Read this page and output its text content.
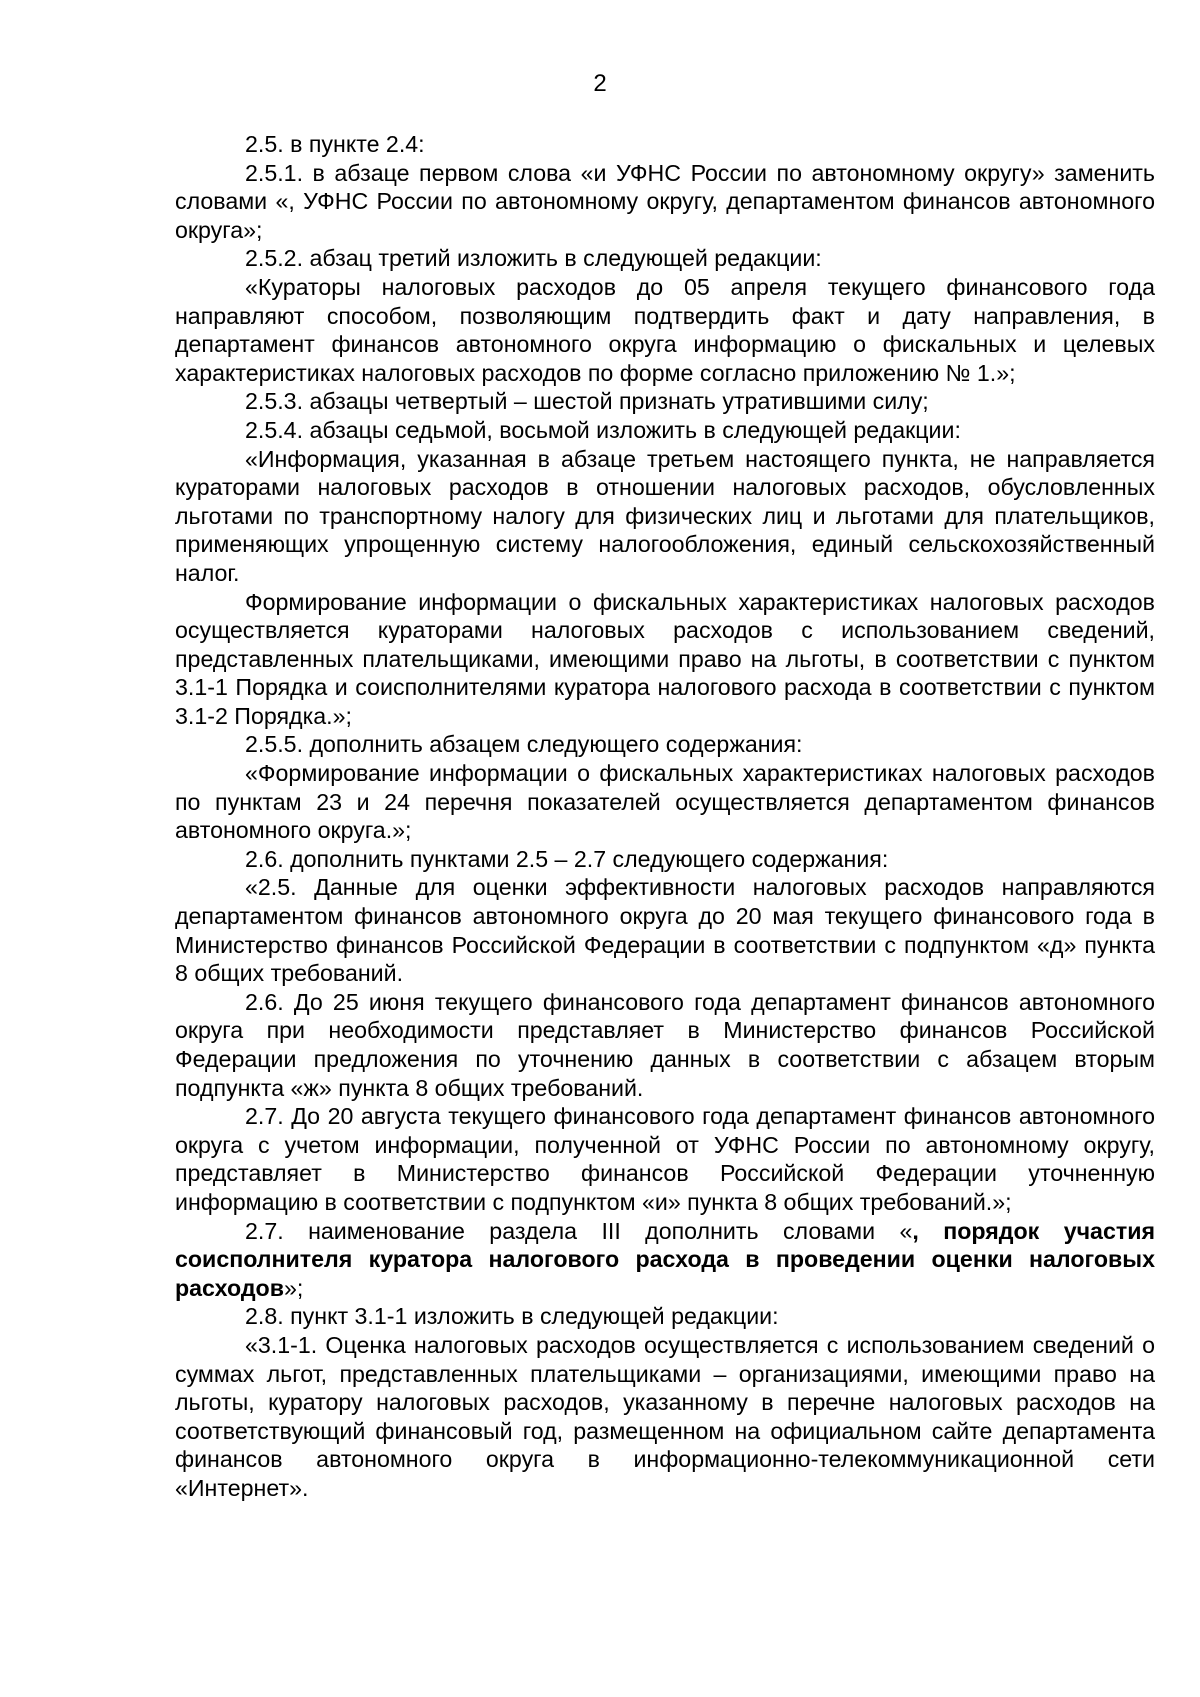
2

2.5. в пункте 2.4:

2.5.1. в абзаце первом слова «и УФНС России по автономному округу» заменить словами «, УФНС России по автономному округу, департаментом финансов автономного округа»;

2.5.2. абзац третий изложить в следующей редакции:

«Кураторы налоговых расходов до 05 апреля текущего финансового года направляют способом, позволяющим подтвердить факт и дату направления, в департамент финансов автономного округа информацию о фискальных и целевых характеристиках налоговых расходов по форме согласно приложению № 1.»;

2.5.3. абзацы четвертый – шестой признать утратившими силу;

2.5.4. абзацы седьмой, восьмой изложить в следующей редакции:

«Информация, указанная в абзаце третьем настоящего пункта, не направляется кураторами налоговых расходов в отношении налоговых расходов, обусловленных льготами по транспортному налогу для физических лиц и льготами для плательщиков, применяющих упрощенную систему налогообложения, единый сельскохозяйственный налог.

Формирование информации о фискальных характеристиках налоговых расходов осуществляется кураторами налоговых расходов с использованием сведений, представленных плательщиками, имеющими право на льготы, в соответствии с пунктом 3.1-1 Порядка и соисполнителями куратора налогового расхода в соответствии с пунктом 3.1-2 Порядка.»;

2.5.5. дополнить абзацем следующего содержания:

«Формирование информации о фискальных характеристиках налоговых расходов по пунктам 23 и 24 перечня показателей осуществляется департаментом финансов автономного округа.»;

2.6. дополнить пунктами 2.5 – 2.7 следующего содержания:

«2.5. Данные для оценки эффективности налоговых расходов направляются департаментом финансов автономного округа до 20 мая текущего финансового года в Министерство финансов Российской Федерации в соответствии с подпунктом «д» пункта 8 общих требований.

2.6. До 25 июня текущего финансового года департамент финансов автономного округа при необходимости представляет в Министерство финансов Российской Федерации предложения по уточнению данных в соответствии с абзацем вторым подпункта «ж» пункта 8 общих требований.

2.7. До 20 августа текущего финансового года департамент финансов автономного округа с учетом информации, полученной от УФНС России по автономному округу, представляет в Министерство финансов Российской Федерации уточненную информацию в соответствии с подпунктом «и» пункта 8 общих требований.»;

2.7. наименование раздела III дополнить словами «, порядок участия соисполнителя куратора налогового расхода в проведении оценки налоговых расходов»;

2.8. пункт 3.1-1 изложить в следующей редакции:

«3.1-1. Оценка налоговых расходов осуществляется с использованием сведений о суммах льгот, представленных плательщиками – организациями, имеющими право на льготы, куратору налоговых расходов, указанному в перечне налоговых расходов на соответствующий финансовый год, размещенном на официальном сайте департамента финансов автономного округа в информационно-телекоммуникационной сети «Интернет».
